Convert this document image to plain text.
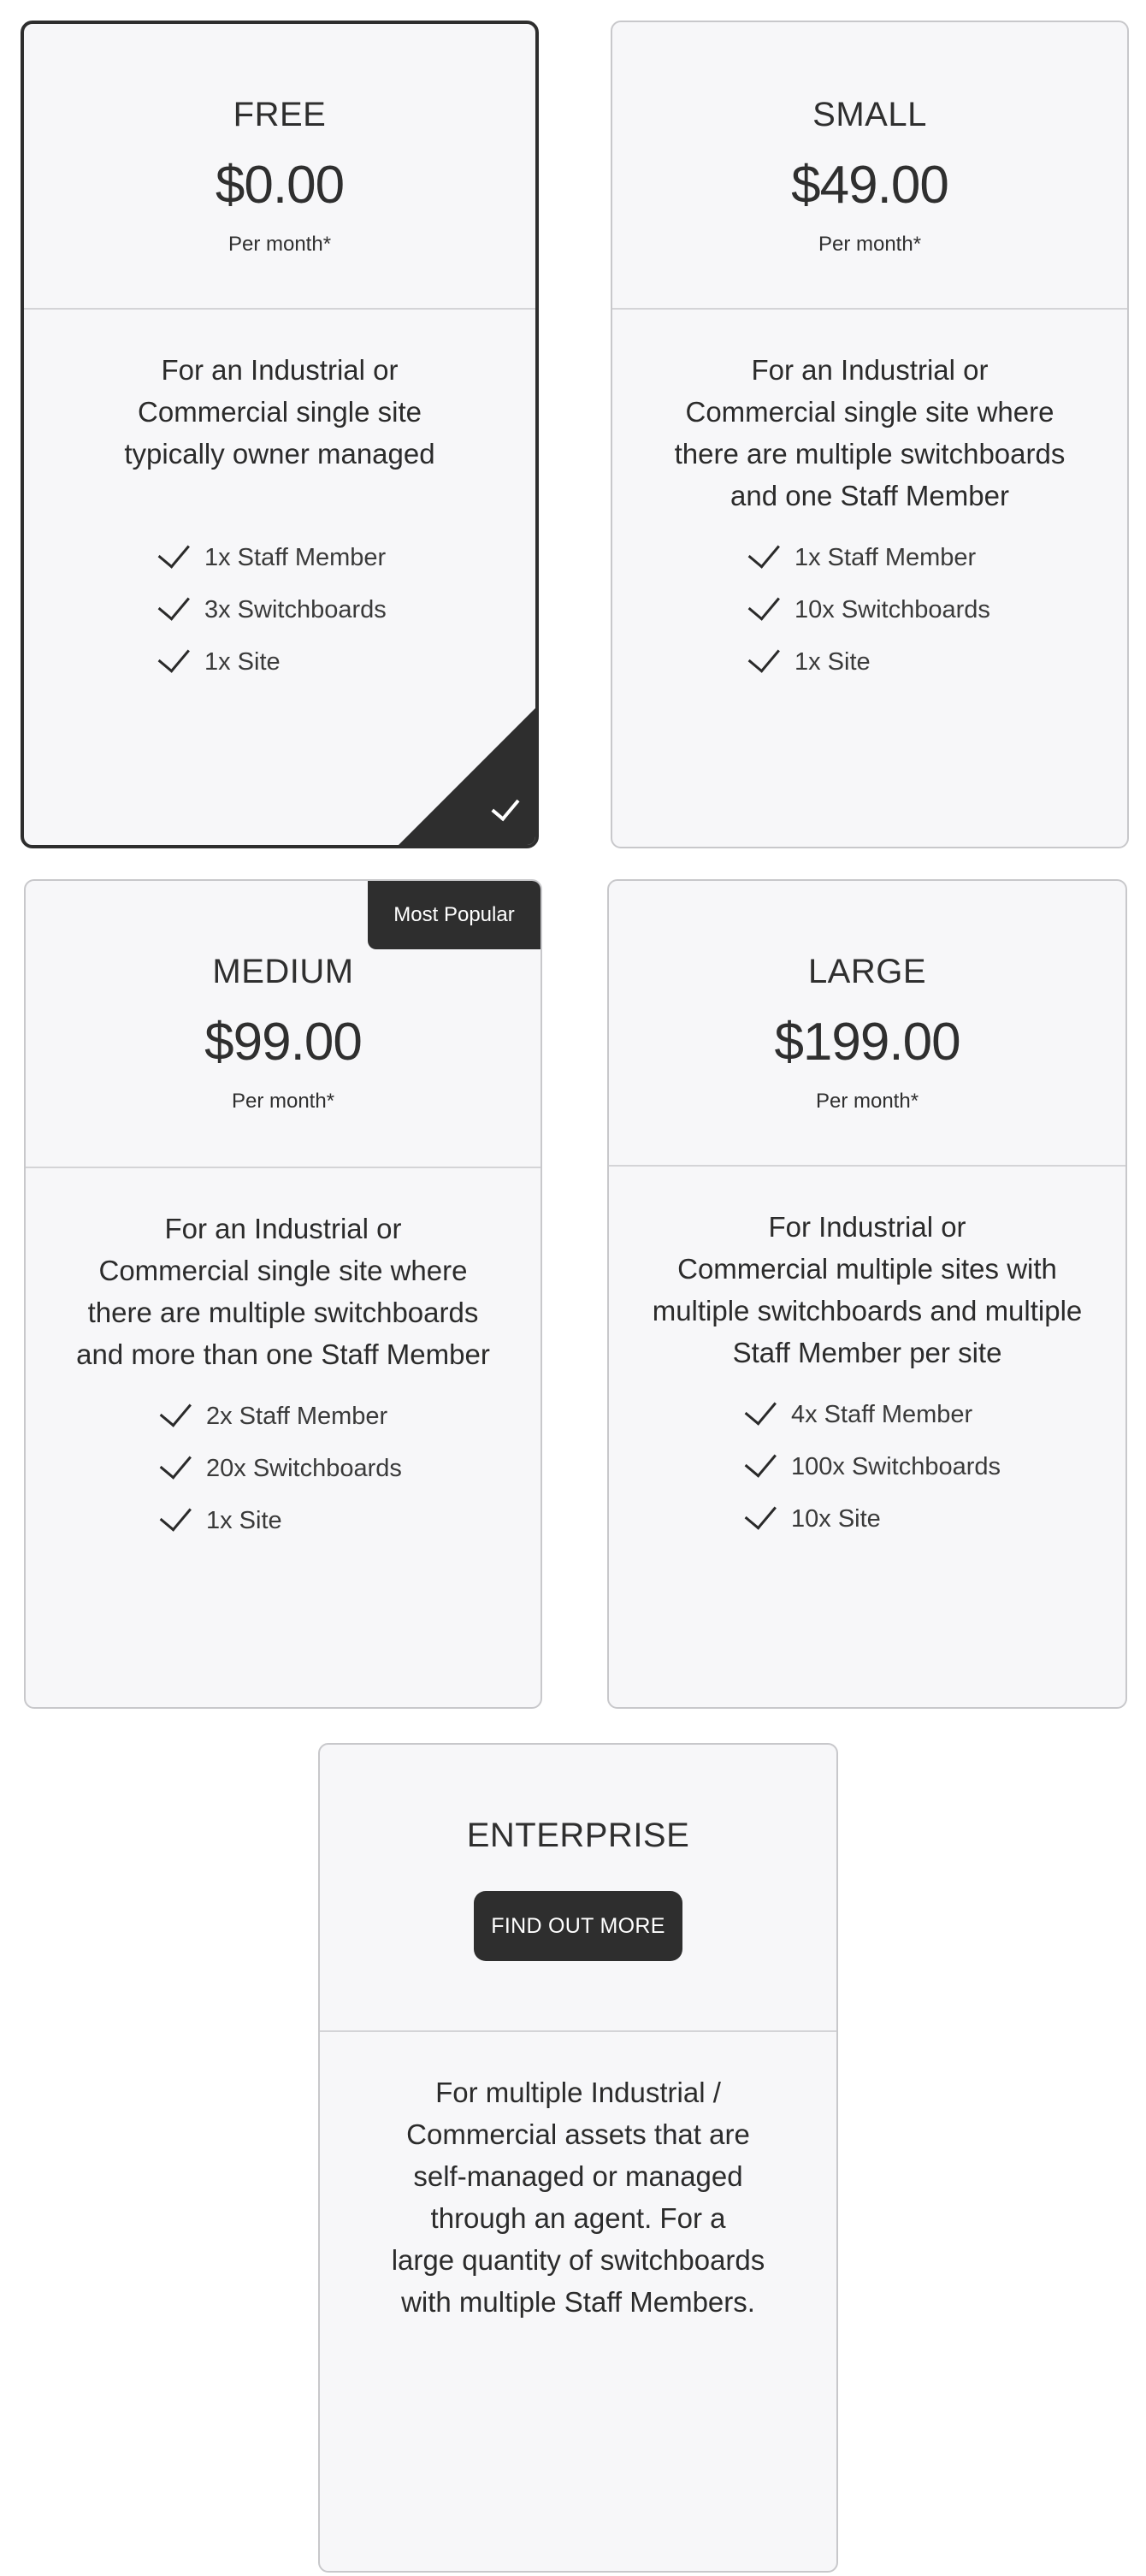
FREE
$0.00
Per month*
For an Industrial or
Commercial single site
typically owner managed
1x Staff Member
3x Switchboards
1x Site
SMALL
$49.00
Per month*
For an Industrial or
Commercial single site where
there are multiple switchboards
and one Staff Member
1x Staff Member
10x Switchboards
1x Site
Most Popular
MEDIUM
$99.00
Per month*
For an Industrial or
Commercial single site where
there are multiple switchboards
and more than one Staff Member
2x Staff Member
20x Switchboards
1x Site
LARGE
$199.00
Per month*
For Industrial or
Commercial multiple sites with
multiple switchboards and multiple
Staff Member per site
4x Staff Member
100x Switchboards
10x Site
ENTERPRISE
FIND OUT MORE
For multiple Industrial /
Commercial assets that are
self-managed or managed
through an agent. For a
large quantity of switchboards
with multiple Staff Members.
